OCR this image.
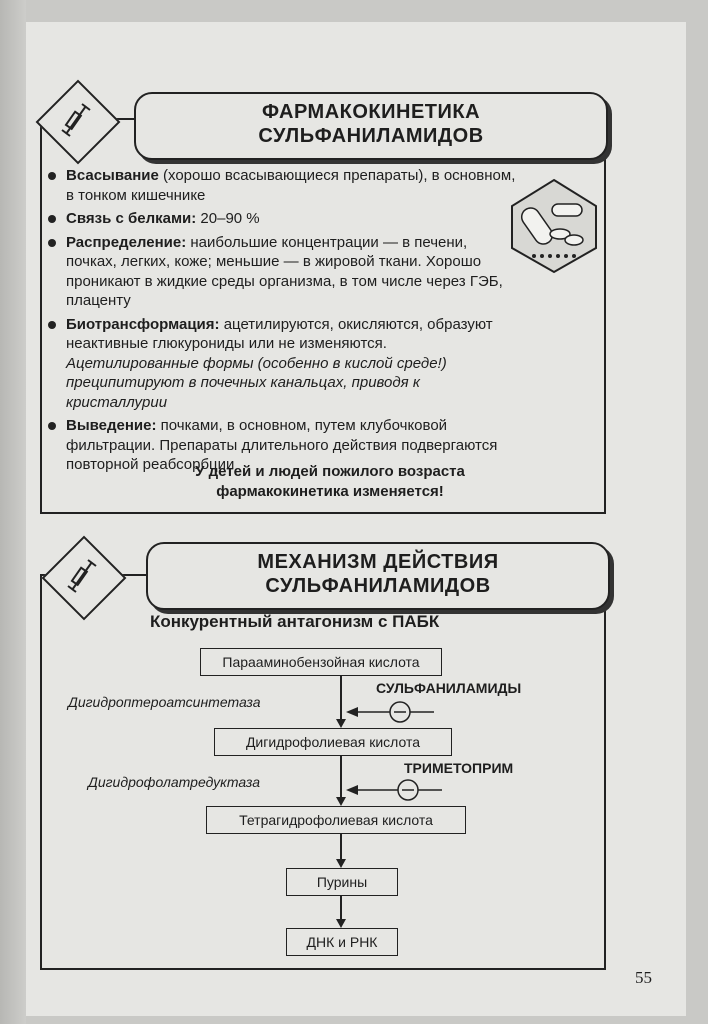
ФАРМАКОКИНЕТИКА
СУЛЬФАНИЛАМИДОВ
Всасывание (хорошо всасывающиеся препараты), в основном, в тонком кишечнике
Связь с белками: 20–90 %
Распределение: наибольшие концентрации — в печени, почках, легких, коже; меньшие — в жировой ткани. Хорошо проникают в жидкие среды организма, в том числе через ГЭБ, плаценту
Биотрансформация: ацетилируются, окисляются, образуют неактивные глюкурониды или не изменяются. Ацетилированные формы (особенно в кислой среде!) преципитируют в почечных канальцах, приводя к кристаллурии
Выведение: почками, в основном, путем клубочковой фильтрации. Препараты длительного действия подвергаются повторной реабсорбции
У детей и людей пожилого возраста
фармакокинетика изменяется!
МЕХАНИЗМ ДЕЙСТВИЯ
СУЛЬФАНИЛАМИДОВ
Конкурентный антагонизм с ПАБК
Парааминобензойная кислота
Дигидрофолиевая кислота
Тетрагидрофолиевая кислота
Пурины
ДНК и РНК
Дигидроптероатсинтетаза
Дигидрофолатредуктаза
СУЛЬФАНИЛАМИДЫ
ТРИМЕТОПРИМ
55
